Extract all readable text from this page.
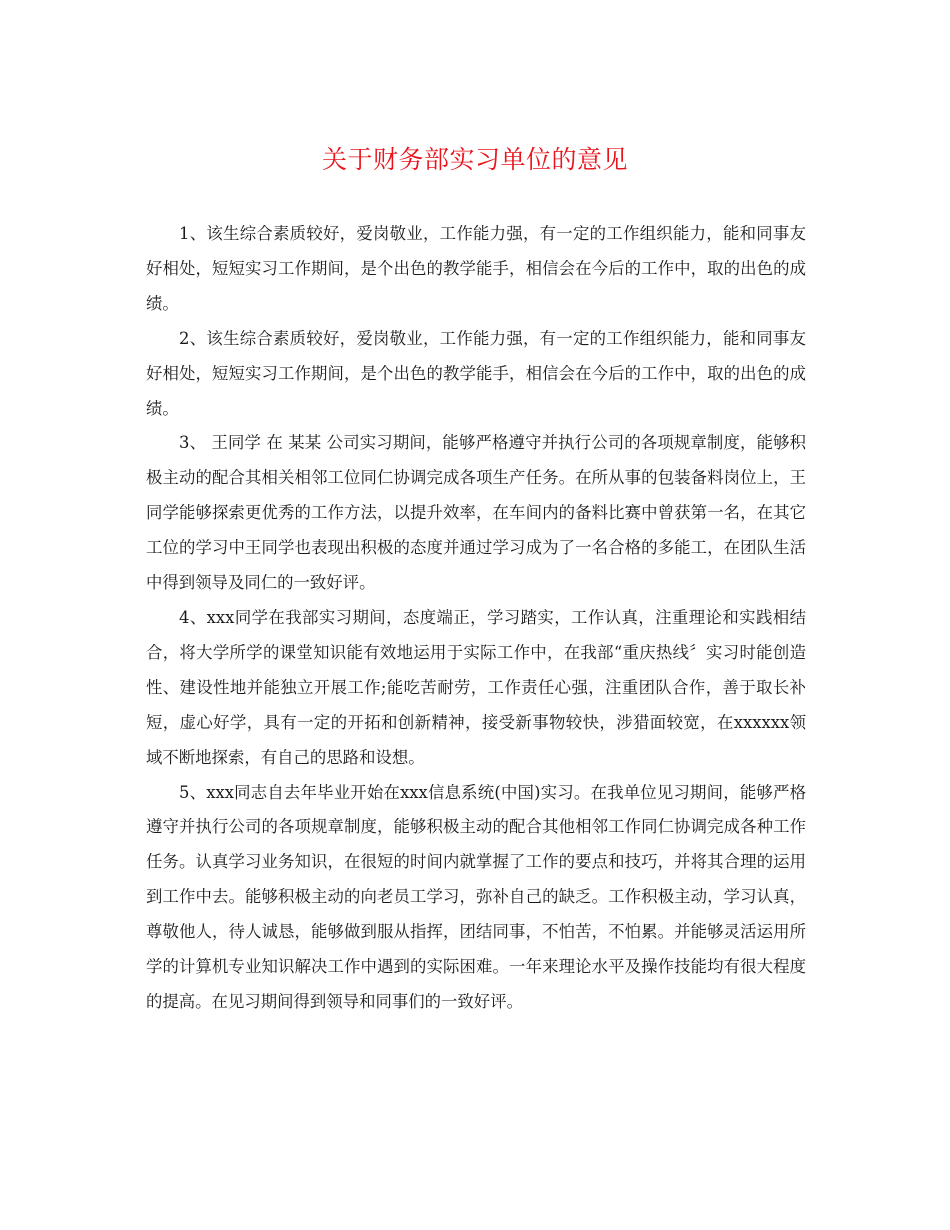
关于财务部实习单位的意见

1、该生综合素质较好，爱岗敬业，工作能力强，有一定的工作组织能力，能和同事友好相处，短短实习工作期间，是个出色的教学能手，相信会在今后的工作中，取的出色的成绩。

2、该生综合素质较好，爱岗敬业，工作能力强，有一定的工作组织能力，能和同事友好相处，短短实习工作期间，是个出色的教学能手，相信会在今后的工作中，取的出色的成绩。

3、 王同学 在 某某 公司实习期间，能够严格遵守并执行公司的各项规章制度，能够积极主动的配合其相关相邻工位同仁协调完成各项生产任务。在所从事的包装备料岗位上，王同学能够探索更优秀的工作方法，以提升效率，在车间内的备料比赛中曾获第一名，在其它工位的学习中王同学也表现出积极的态度并通过学习成为了一名合格的多能工，在团队生活中得到领导及同仁的一致好评。

4、xxx同学在我部实习期间，态度端正，学习踏实，工作认真，注重理论和实践相结合，将大学所学的课堂知识能有效地运用于实际工作中，在我部“重庆热线〞实习时能创造性、建设性地并能独立开展工作;能吃苦耐劳，工作责任心强，注重团队合作，善于取长补短，虚心好学，具有一定的开拓和创新精神，接受新事物较快，涉猎面较宽，在xxxxxx领域不断地探索，有自己的思路和设想。

5、xxx同志自去年毕业开始在xxx信息系统(中国)实习。在我单位见习期间，能够严格遵守并执行公司的各项规章制度，能够积极主动的配合其他相邻工作同仁协调完成各种工作任务。认真学习业务知识，在很短的时间内就掌握了工作的要点和技巧，并将其合理的运用到工作中去。能够积极主动的向老员工学习，弥补自己的缺乏。工作积极主动，学习认真，尊敬他人，待人诚恳，能够做到服从指挥，团结同事，不怕苦，不怕累。并能够灵活运用所学的计算机专业知识解决工作中遇到的实际困难。一年来理论水平及操作技能均有很大程度的提高。在见习期间得到领导和同事们的一致好评。
